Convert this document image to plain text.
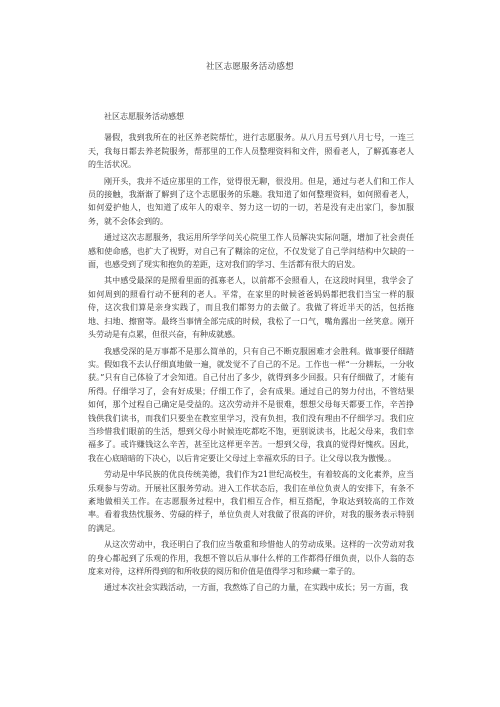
社区志愿服务活动感想

社区志愿服务活动感想

暑假，我到我所在的社区养老院帮忙，进行志愿服务。从八月五号到八月七号，一连三天，我每日都去养老院服务，帮那里的工作人员整理资料和文件，照看老人，了解孤寡老人的生活状况。

刚开头，我并不适应那里的工作，觉得很无聊，很没用。但是，通过与老人们和工作人员的接触，我渐渐了解到了这个志愿服务的乐趣。我知道了如何整理资料，如何照看老人，如何爱护他人，也知道了成年人的艰辛、努力这一切的一切，若是没有走出家门，参加服务，就不会体会到的。

通过这次志愿服务，我运用所学学问关心院里工作人员解决实际问题，增加了社会责任感和使命感，也扩大了视野，对自己有了糊涂的定位，不仅发觉了自己学问结构中欠缺的一面，也感受到了现实和抱负的差距，这对我们的学习、生活都有很大的启发。

其中感受最深的是照看里面的孤寡老人，以前都不会照看人，在这段时间里，我学会了如何周到的照看行动不便利的老人。平常，在家里的时候爸爸妈妈都把我们当宝一样的服侍，这次我们算是亲身实践了，而且我们都努力的去做了。我做了将近半天的活，包括拖地、扫地、擦窗等。最终当事情全部完成的时候，我松了一口气，嘴角露出一丝笑意。刚开头劳动是有点累，但很兴奋，有种成就感。

我感受深的是万事都不是那么简单的，只有自己不断克服困难才会胜利。做事要仔细踏实。假如我不去认仔细真地做一遍，就发觉不了自己的不足。工作也一样“一分耕耘，一分收获。”只有自己体验了才会知道。自己付出了多少，就得到多少回报。只有仔细做了，才能有所得。仔细学习了，会有好成果；仔细工作了，会有成果。通过自己的努力付出，不管结果如何，那个过程自己确定是受益的。这次劳动并不是很难，想想父母每天都要工作，辛苦挣钱供我们读书，而我们只要坐在教室里学习，没有负担，我们没有理由不仔细学习。我们应当珍惜我们眼前的生活，想到父母小时候连吃都吃不饱，更别说读书，比起父母来，我们幸福多了。或许赚钱这么辛苦，甚至比这样更辛苦。一想到父母，我真的觉得好愧疚。因此，我在心底暗暗的下决心，以后肯定要让父母过上幸福欢乐的日子。让父母以我为傲慢。。

劳动是中华民族的优良传统美德，我们作为21世纪高校生，有着较高的文化素养，应当乐观参与劳动。开展社区服务劳动。进入工作状态后，我们在单位负责人的安排下，有条不紊地做相关工作。在志愿服务过程中，我们相互合作，相互搭配，争取达到较高的工作效率。看着我热忱服务、劳碌的样子，单位负责人对我做了很高的评价，对我的服务表示特别的满足。

从这次劳动中，我还明白了我们应当敬重和珍惜他人的劳动成果。这样的一次劳动对我的身心都起到了乐观的作用，我想不管以后从事什么样的工作都得仔细负责，以仆人翁的态度来对待，这样所得到的和所收获的阅历和价值是值得学习和珍藏一辈子的。

通过本次社会实践活动，一方面，我熬炼了自己的力量，在实践中成长；另一方面，我
